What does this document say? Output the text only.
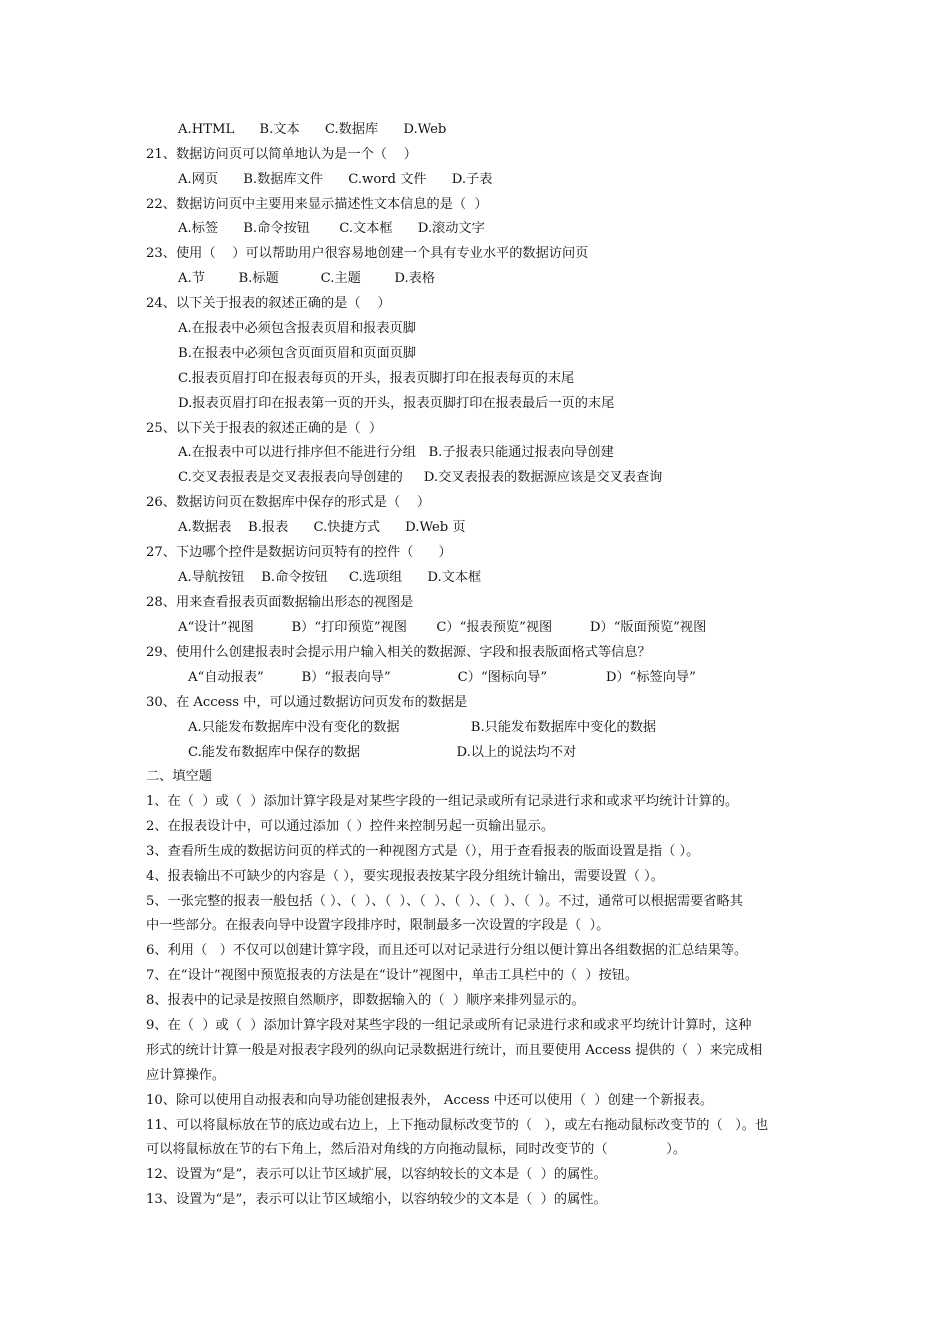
A.HTML      B.文本      C.数据库      D.Web
21、数据访问页可以简单地认为是一个（    ）
A.网页      B.数据库文件      C.word 文件      D.子表
22、数据访问页中主要用来显示描述性文本信息的是（  ）
A.标签      B.命令按钮       C.文本框      D.滚动文字
23、使用（    ）可以帮助用户很容易地创建一个具有专业水平的数据访问页
A.节        B.标题          C.主题        D.表格
24、以下关于报表的叙述正确的是（    ）
A.在报表中必须包含报表页眉和报表页脚
B.在报表中必须包含页面页眉和页面页脚
C.报表页眉打印在报表每页的开头，报表页脚打印在报表每页的末尾
D.报表页眉打印在报表第一页的开头，报表页脚打印在报表最后一页的末尾
25、以下关于报表的叙述正确的是（  ）
A.在报表中可以进行排序但不能进行分组   B.子报表只能通过报表向导创建
C.交叉表报表是交叉表报表向导创建的     D.交叉表报表的数据源应该是交叉表查询
26、数据访问页在数据库中保存的形式是（    ）
A.数据表    B.报表      C.快捷方式      D.Web 页
27、下边哪个控件是数据访问页特有的控件（      ）
A.导航按钮    B.命令按钮     C.选项组      D.文本框
28、用来查看报表页面数据输出形态的视图是
A“设计”视图         B）“打印预览”视图       C）“报表预览”视图         D）“版面预览”视图
29、使用什么创建报表时会提示用户输入相关的数据源、字段和报表版面格式等信息？
A“自动报表”         B）“报表向导”                C）“图标向导”              D）“标签向导”
30、在 Access 中，可以通过数据访问页发布的数据是
A.只能发布数据库中没有变化的数据                 B.只能发布数据库中变化的数据
C.能发布数据库中保存的数据                       D.以上的说法均不对
二、填空题
1、在（  ）或（  ）添加计算字段是对某些字段的一组记录或所有记录进行求和或求平均统计计算的。
2、在报表设计中，可以通过添加（ ）控件来控制另起一页输出显示。
3、查看所生成的数据访问页的样式的一种视图方式是（），用于查看报表的版面设置是指（ ）。
4、报表输出不可缺少的内容是（ ），要实现报表按某字段分组统计输出，需要设置（ ）。
5、一张完整的报表一般包括（ ）、（  ）、（  ）、（  ）、（  ）、（  ）、（  ）。不过，通常可以根据需要省略其
中一些部分。在报表向导中设置字段排序时，限制最多一次设置的字段是（  ）。
6、利用（   ）不仅可以创建计算字段，而且还可以对记录进行分组以便计算出各组数据的汇总结果等。
7、在“设计”视图中预览报表的方法是在“设计”视图中，单击工具栏中的（  ）按钮。
8、报表中的记录是按照自然顺序，即数据输入的（  ）顺序来排列显示的。
9、在（  ）或（  ）添加计算字段对某些字段的一组记录或所有记录进行求和或求平均统计计算时，这种
形式的统计计算一般是对报表字段列的纵向记录数据进行统计，而且要使用 Access 提供的（  ）来完成相
应计算操作。
10、除可以使用自动报表和向导功能创建报表外， Access 中还可以使用（  ）创建一个新报表。
11、可以将鼠标放在节的底边或右边上，上下拖动鼠标改变节的（   ），或左右拖动鼠标改变节的（   ）。也
可以将鼠标放在节的右下角上，然后沿对角线的方向拖动鼠标，同时改变节的（              ）。
12、设置为“是”，表示可以让节区域扩展，以容纳较长的文本是（  ）的属性。
13、设置为“是”，表示可以让节区域缩小，以容纳较少的文本是（  ）的属性。
